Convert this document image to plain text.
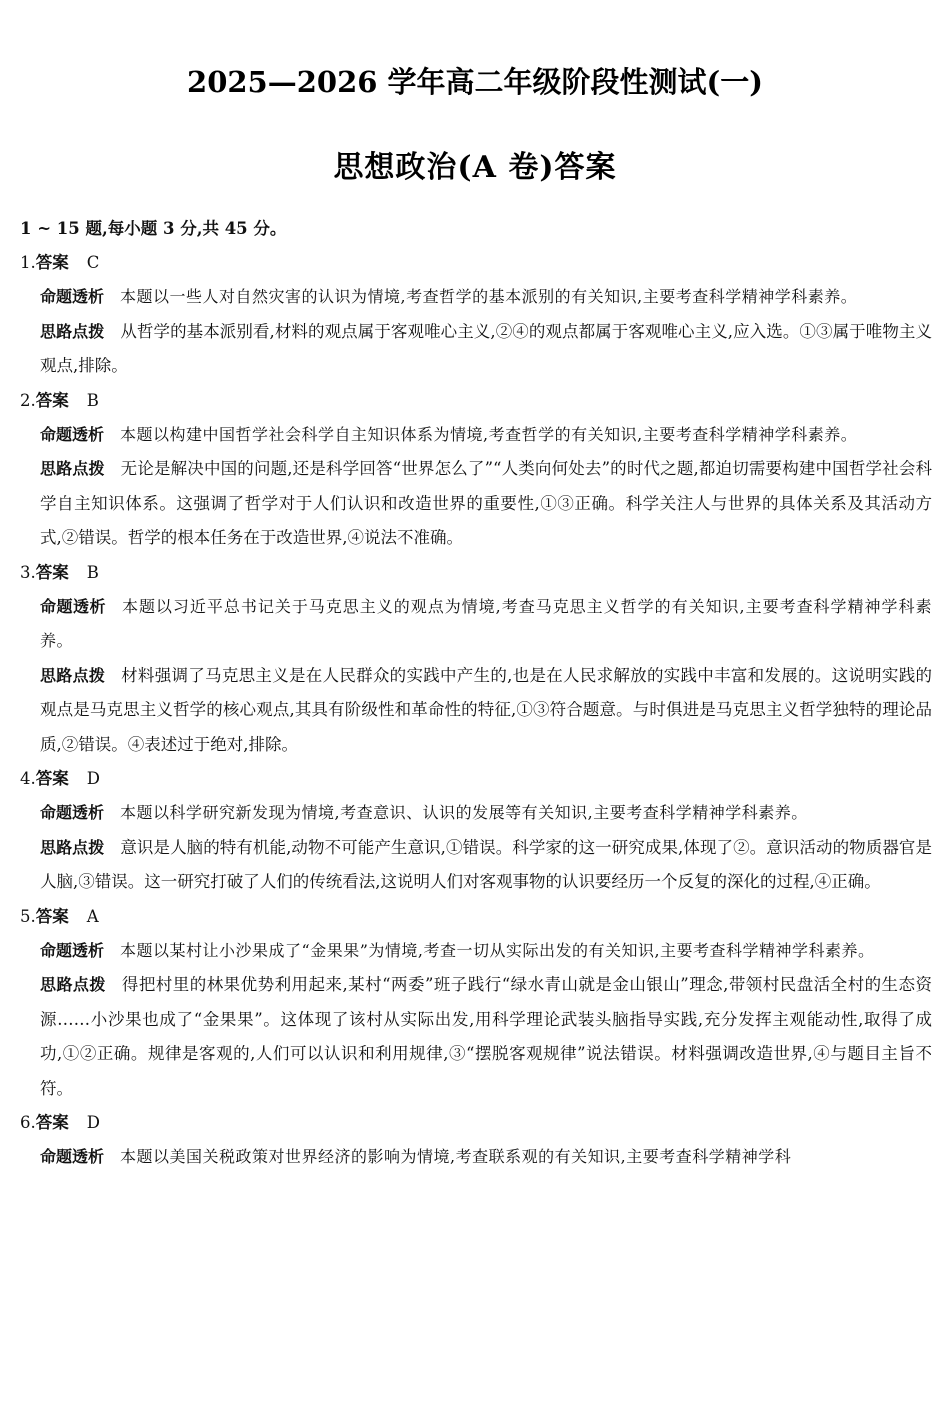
2025—2026 学年高二年级阶段性测试(一)
思想政治(A 卷)答案

1 ~ 15 题,每小题 3 分,共 45 分。

1.答案 C

命题透析 本题以一些人对自然灾害的认识为情境,考查哲学的基本派别的有关知识,主要考查科学精神学科素养。

思路点拨 从哲学的基本派别看,材料的观点属于客观唯心主义,②④的观点都属于客观唯心主义,应入选。①③属于唯物主义观点,排除。

2.答案 B

命题透析 本题以构建中国哲学社会科学自主知识体系为情境,考查哲学的有关知识,主要考查科学精神学科素养。

思路点拨 无论是解决中国的问题,还是科学回答“世界怎么了”“人类向何处去”的时代之题,都迫切需要构建中国哲学社会科学自主知识体系。这强调了哲学对于人们认识和改造世界的重要性,①③正确。科学关注人与世界的具体关系及其活动方式,②错误。哲学的根本任务在于改造世界,④说法不准确。

3.答案 B

命题透析 本题以习近平总书记关于马克思主义的观点为情境,考查马克思主义哲学的有关知识,主要考查科学精神学科素养。

思路点拨 材料强调了马克思主义是在人民群众的实践中产生的,也是在人民求解放的实践中丰富和发展的。这说明实践的观点是马克思主义哲学的核心观点,其具有阶级性和革命性的特征,①③符合题意。与时俱进是马克思主义哲学独特的理论品质,②错误。④表述过于绝对,排除。

4.答案 D

命题透析 本题以科学研究新发现为情境,考查意识、认识的发展等有关知识,主要考查科学精神学科素养。

思路点拨 意识是人脑的特有机能,动物不可能产生意识,①错误。科学家的这一研究成果,体现了②。意识活动的物质器官是人脑,③错误。这一研究打破了人们的传统看法,这说明人们对客观事物的认识要经历一个反复的深化的过程,④正确。

5.答案 A

命题透析 本题以某村让小沙果成了“金果果”为情境,考查一切从实际出发的有关知识,主要考查科学精神学科素养。

思路点拨 得把村里的林果优势利用起来,某村“两委”班子践行“绿水青山就是金山银山”理念,带领村民盘活全村的生态资源……小沙果也成了“金果果”。这体现了该村从实际出发,用科学理论武装头脑指导实践,充分发挥主观能动性,取得了成功,①②正确。规律是客观的,人们可以认识和利用规律,③“摆脱客观规律”说法错误。材料强调改造世界,④与题目主旨不符。

6.答案 D

命题透析 本题以美国关税政策对世界经济的影响为情境,考查联系观的有关知识,主要考查科学精神学科
